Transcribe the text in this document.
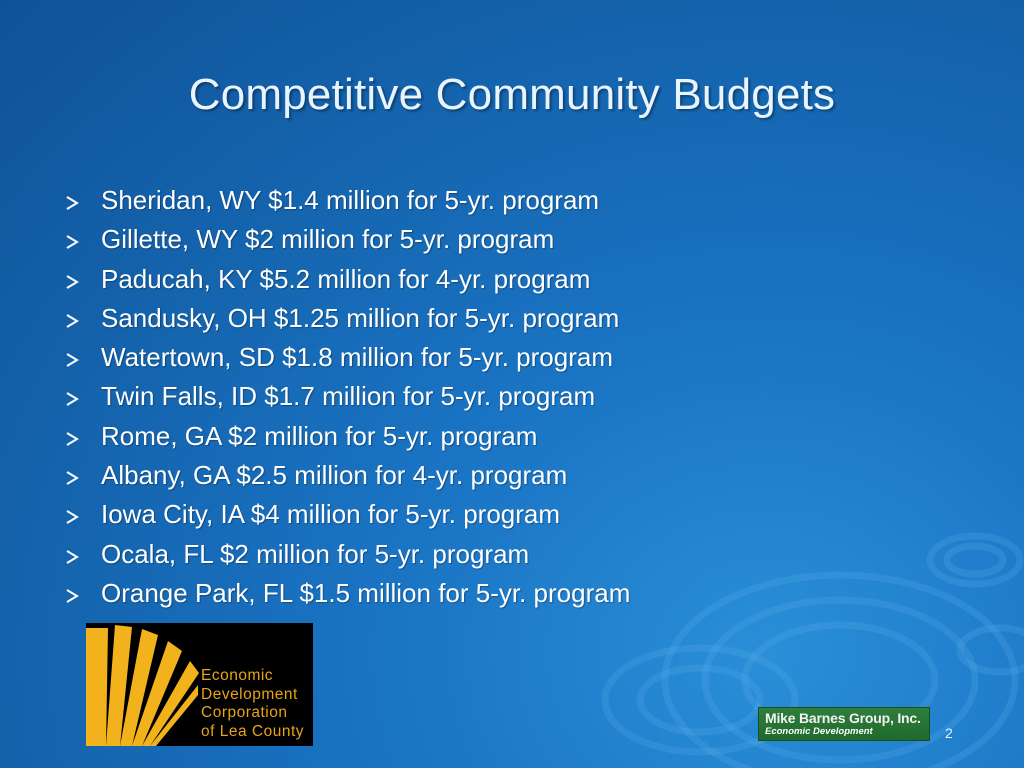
Competitive Community Budgets
Sheridan, WY $1.4 million for 5-yr. program
Gillette, WY $2 million for 5-yr. program
Paducah, KY $5.2 million for 4-yr. program
Sandusky, OH $1.25 million for 5-yr. program
Watertown, SD $1.8 million for 5-yr. program
Twin Falls, ID $1.7 million for 5-yr. program
Rome, GA $2 million for 5-yr. program
Albany, GA $2.5 million for 4-yr. program
Iowa City, IA $4 million for 5-yr. program
Ocala, FL $2 million for 5-yr. program
Orange Park, FL $1.5 million for 5-yr. program
Economic
Development
Corporation
of Lea County
Mike Barnes Group, Inc.
Economic Development	2
